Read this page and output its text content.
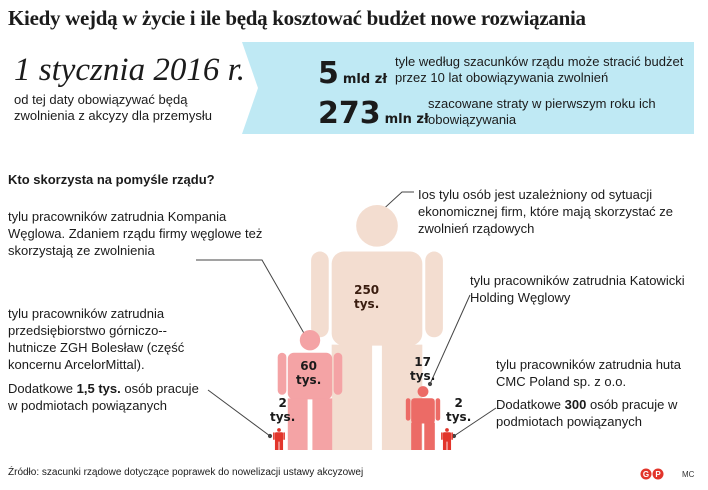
Kiedy wejdą w życie i ile będą kosztować budżet nowe rozwiązania
1 stycznia 2016 r.
od tej daty obowiązywać będą zwolnienia z akcyzy dla przemysłu
5 mld zł
tyle według szacunków rządu może stracić budżet przez 10 lat obowiązywania zwolnień
273 mln zł
szacowane straty w pierwszym roku ich obowiązywania
Kto skorzysta na pomyśle rządu?
tylu pracowników zatrudnia Kompania Węglowa. Zdaniem rządu firmy węglowe też skorzystają ze zwolnienia
tylu pracowników zatrudnia przedsiębiorstwo górniczo--hutnicze ZGH Bolesław (część koncernu ArcelorMittal).
Dodatkowe 1,5 tys. osób pracuje w podmiotach powiązanych
Ios tylu osób jest uzależniony od sytuacji ekonomicznej firm, które mają skorzystać ze zwolnień rządowych
tylu pracowników zatrudnia Katowicki Holding Węglowy
tylu pracowników zatrudnia huta CMC Poland sp. z o.o.
Dodatkowe 300 osób pracuje w podmiotach powiązanych
2
tys.
60
tys.
250
tys.
17
tys.
2
tys.
Źródło: szacunki rządowe dotyczące poprawek do nowelizacji ustawy akcyzowej	G P	MC
